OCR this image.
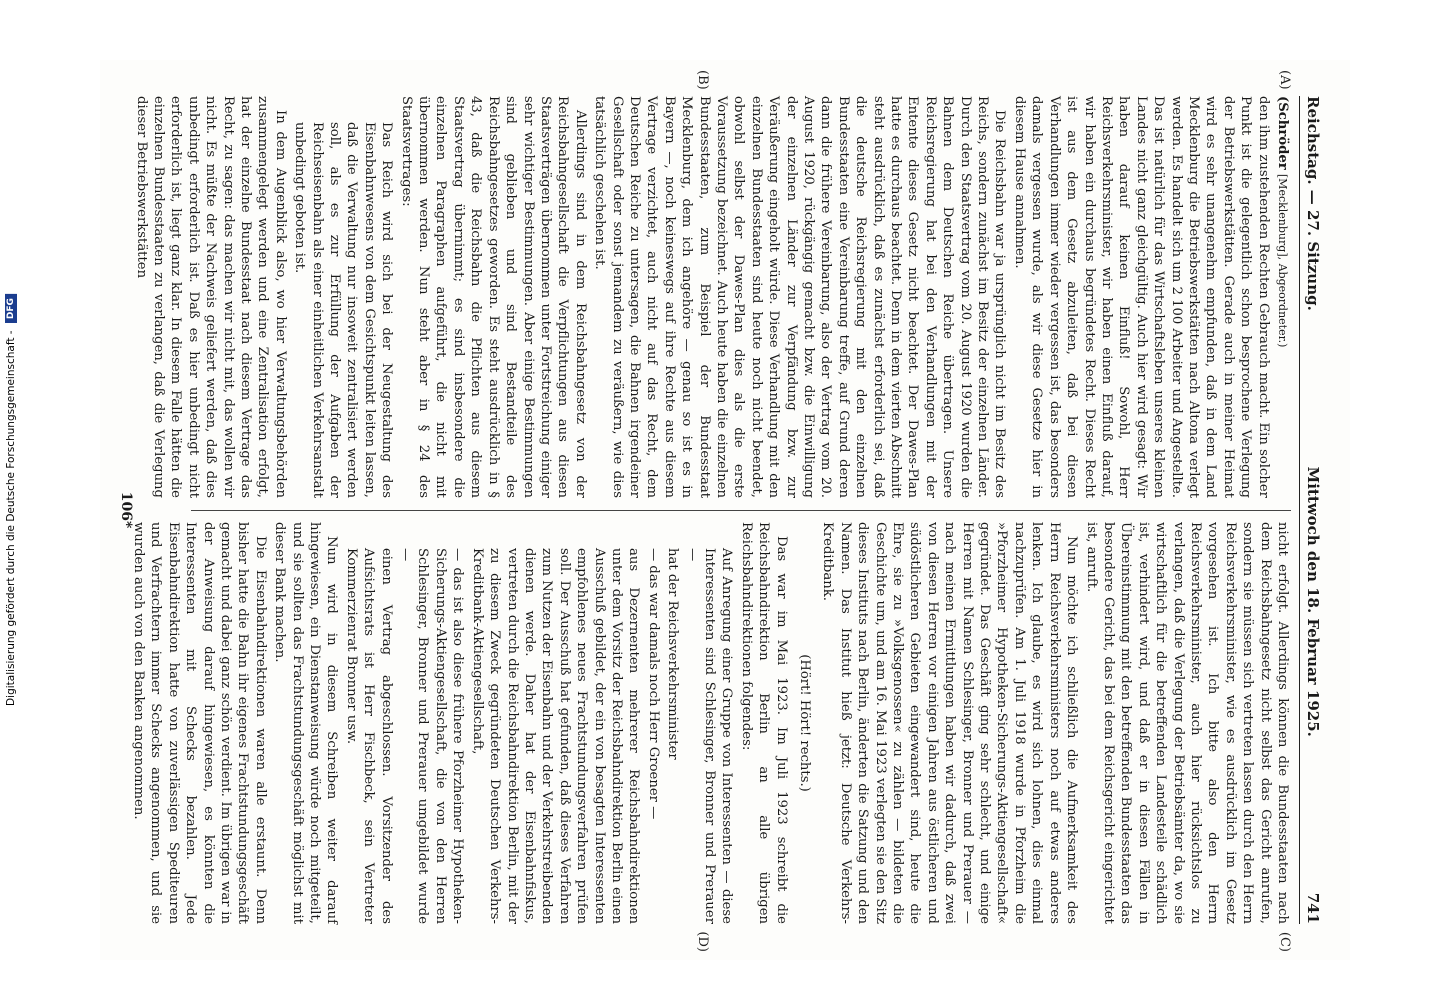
Digitalisierung gefördert durch die Deutsche Forschungsgemeinschaft - DFG	Reichstag. — 27. Sitzung.
Mittwoch den 18. Februar 1925.
741

(Schröder [Mecklenburg], Abgeordneter.)

den ihm zustehenden Rechten Gebrauch macht. Ein solcher Punkt ist die gelegentlich schon besprochene Verlegung der Betriebswerkstätten. Gerade auch in meiner Heimat wird es sehr unangenehm empfunden, daß in dem Land Mecklenburg die Betriebswerkstätten nach Altona verlegt werden. Es handelt sich um 2 100 Arbeiter und Angestellte. Das ist natürlich für das Wirtschaftsleben unseres kleinen Landes nicht ganz gleichgültig. Auch hier wird gesagt: Wir haben darauf keinen Einfluß! Sowohl, Herr Reichsverkehrsminister, wir haben einen Einfluß darauf, wir haben ein durchaus begründetes Recht. Dieses Recht ist aus dem Gesetz abzuleiten, daß bei diesen Verhandlungen immer wieder vergessen ist, das besonders damals vergessen wurde, als wir diese Gesetze hier in diesem Hause annahmen.

Die Reichsbahn war ja ursprünglich nicht im Besitz des Reichs, sondern zunächst im Besitz der einzelnen Länder. Durch den Staatsvertrag vom 20. August 1920 wurden die Bahnen dem Deutschen Reiche übertragen. Unsere Reichsregierung hat bei den Verhandlungen mit der Entente dieses Gesetz nicht beachtet. Der Dawes-Plan hatte es durchaus beachtet. Denn in dem vierten Abschnitt steht ausdrücklich, daß es zunächst erforderlich sei, daß die deutsche Reichsregierung mit den einzelnen Bundesstaaten eine Vereinbarung treffe, auf Grund deren dann die frühere Vereinbarung, also der Vertrag vom 20. August 1920, rückgängig gemacht bzw. die Einwilligung der einzelnen Länder zur Verpfändung bzw. zur Veräußerung eingeholt würde. Diese Verhandlung mit den einzelnen Bundesstaaten sind heute noch nicht beendet, obwohl selbst der Dawes-Plan dies als die erste Voraussetzung bezeichnet. Auch heute haben die einzelnen Bundesstaaten, zum Beispiel der Bundesstaat Mecklenburg, dem ich angehöre — genau so ist es in Bayern —, noch keineswegs auf ihre Rechte aus diesem Vertrage verzichtet, auch nicht auf das Recht, dem Deutschen Reiche zu untersagen, die Bahnen irgendeiner Gesellschaft oder sonst jemandem zu veräußern, wie dies tatsächlich geschehen ist.

Allerdings sind in dem Reichsbahngesetz von der Reichsbahngesellschaft die Verpflichtungen aus diesen Staatsverträgen übernommen unter Fortstreichung einiger sehr wichtiger Bestimmungen. Aber einige Bestimmungen sind geblieben und sind Bestandteile des Reichsbahngesetzes geworden. Es steht ausdrücklich in § 43, daß die Reichsbahn die Pflichten aus diesem Staatsvertrag übernimmt; es sind insbesondere die einzelnen Paragraphen aufgeführt, die nicht mit übernommen werden. Nun steht aber in § 24 des Staatsvertrages:

Das Reich wird sich bei der Neugestaltung des Eisenbahnwesens von dem Gesichtspunkt leiten lassen, daß die Verwaltung nur insoweit zentralisiert werden soll, als es zur Erfüllung der Aufgaben der Reichseisenbahn als einer einheitlichen Verkehrsanstalt unbedingt geboten ist.

In dem Augenblick also, wo hier Verwaltungsbehörden zusammengelegt werden und eine Zentralisation erfolgt, hat der einzelne Bundesstaat nach diesem Vertrage das Recht, zu sagen: das machen wir nicht mit, das wollen wir nicht. Es müßte der Nachweis geliefert werden, daß dies unbedingt erforderlich ist. Daß es hier unbedingt nicht erforderlich ist, liegt ganz klar. In diesem Falle hätten die einzelnen Bundesstaaten zu verlangen, daß die Verlegung dieser Betriebswerkstätten

nicht erfolgt. Allerdings können die Bundesstaaten nach dem Reichsbahngesetz nicht selbst das Gericht anrufen, sondern sie müssen sich vertreten lassen durch den Herrn Reichsverkehrsminister, wie es ausdrücklich im Gesetz vorgesehen ist. Ich bitte also den Herrn Reichsverkehrsminister, auch hier rücksichtslos zu verlangen, daß die Verlegung der Betriebsämter da, wo sie wirtschaftlich für die betreffenden Landesteile schädlich ist, verhindert wird, und daß er in diesen Fällen in Übereinstimmung mit den betreffenden Bundesstaaten das besondere Gericht, das bei dem Reichsgericht eingerichtet ist, anruft.

Nun möchte ich schließlich die Aufmerksamkeit des Herrn Reichsverkehrsministers noch auf etwas anderes lenken. Ich glaube, es wird sich lohnen, dies einmal nachzuprüfen. Am 1. Juli 1918 wurde in Pforzheim die »Pforzheimer Hypotheken-Sicherungs-Aktiengesellschaft« gegründet. Das Geschäft ging sehr schlecht, und einige Herren mit Namen Schlesinger, Bronner und Prerauer — nach meinen Ermittlungen haben wir dadurch, daß zwei von diesen Herren vor einigen Jahren aus östlicheren und südöstlicheren Gebieten eingewandert sind, heute die Ehre, sie zu »Volksgenossen« zu zählen — bildeten die Geschichte um, und am 16. Mai 1923 verlegten sie den Sitz dieses Instituts nach Berlin, änderten die Satzung und den Namen. Das Institut hieß jetzt: Deutsche Verkehrs-Kreditbank.

(Hört! Hört! rechts.)

Das war im Mai 1923. Im Juli 1923 schreibt die Reichsbahndirektion Berlin an alle übrigen Reichsbahndirektionen folgendes:

Auf Anregung einer Gruppe von Interessenten — diese Interessenten sind Schlesinger, Bronner und Prerauer —

hat der Reichsverkehrsminister

— das war damals noch Herr Groener —

aus Dezernenten mehrerer Reichsbahndirektionen unter dem Vorsitz der Reichsbahndirektion Berlin einen Ausschuß gebildet, der ein von besagten Interessenten empfohlenes neues Frachtstundungsverfahren prüfen soll. Der Ausschuß hat gefunden, daß dieses Verfahren zum Nutzen der Eisenbahn und der Verkehrstreibenden dienen werde. Daher hat der Eisenbahnfiskus, vertreten durch die Reichsbahndirektion Berlin, mit der zu diesem Zweck gegründeten Deutschen Verkehrs-Kreditbank-Aktiengesellschaft,

— das ist also diese frühere Pforzheimer Hypotheken-Sicherungs-Aktiengesellschaft, die von den Herren Schlesinger, Bronner und Prerauer umgebildet wurde —

einen Vertrag abgeschlossen. Vorsitzender des Aufsichtsrats ist Herr Fischbeck, sein Vertreter Kommerzienrat Bronner usw.

Nun wird in diesem Schreiben weiter darauf hingewiesen, ein Dienstanweisung würde noch mitgeteilt, und sie sollten das Frachtstundungsgeschäft möglichst mit dieser Bank machen.

Die Eisenbahndirektionen waren alle erstaunt. Denn bisher hatte die Bahn ihr eigenes Frachtstundungsgeschäft gemacht und dabei ganz schön verdient. Im übrigen war in der Anweisung darauf hingewiesen, es könnten die Interessenten mit Schecks bezahlen. Jede Eisenbahndirektion hatte von zuverlässigen Spediteuren und Verfrachtern immer Schecks angenommen, und sie wurden auch von den Banken angenommen.

(A)
(B)
(C)
(D)
106*
